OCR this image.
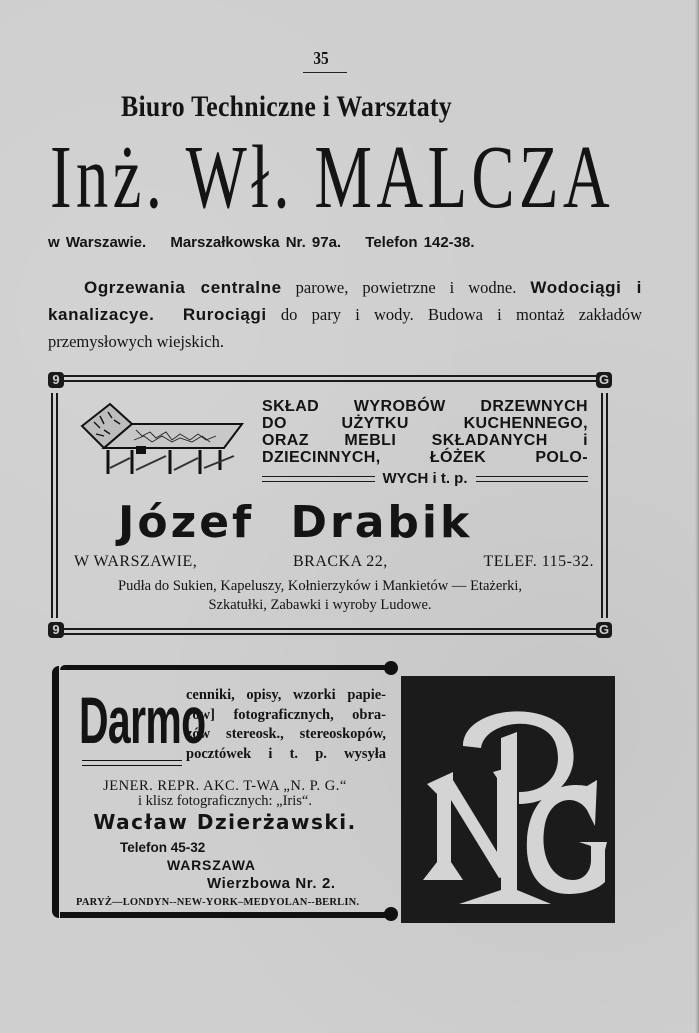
35
Biuro Techniczne i Warsztaty
Inż. Wł. MALCZA
w Warszawie. Marszałkowska Nr. 97a. Telefon 142-38.
Ogrzewania centralne parowe, powietrzne i wodne. Wodociągi i kanalizacye. Rurociągi do pary i wody. Budowa i montaż zakładów przemysłowych wiejskich.
9	G
9	G
SKŁAD WYROBÓW DRZEWNYCH
DO UŻYTKU KUCHENNEGO,
ORAZ MEBLI SKŁADANYCH i
DZIECINNYCH, ŁÓŻEK POLO-
WYCH i t. p.
Józef Drabik
W WARSZAWIE,	BRACKA 22,	TELEF. 115-32.
Pudła do Sukien, Kapeluszy, Kołnierzyków i Mankietów — Etażerki, Szkatułki, Zabawki i wyroby Ludowe.
Darmo
cenniki, opisy, wzorki papie-
rów] fotograficznych, obra-
zów stereosk., stereoskopów,
pocztówek i t. p. wysyła
JENER. REPR. AKC. T-WA „N. P. G.“
i klisz fotograficznych: „Iris“.
Wacław Dzierżawski.
Telefon 45-32
WARSZAWA
Wierzbowa Nr. 2.
PARYŻ—LONDYN--NEW-YORK–MEDYOLAN--BERLIN.
